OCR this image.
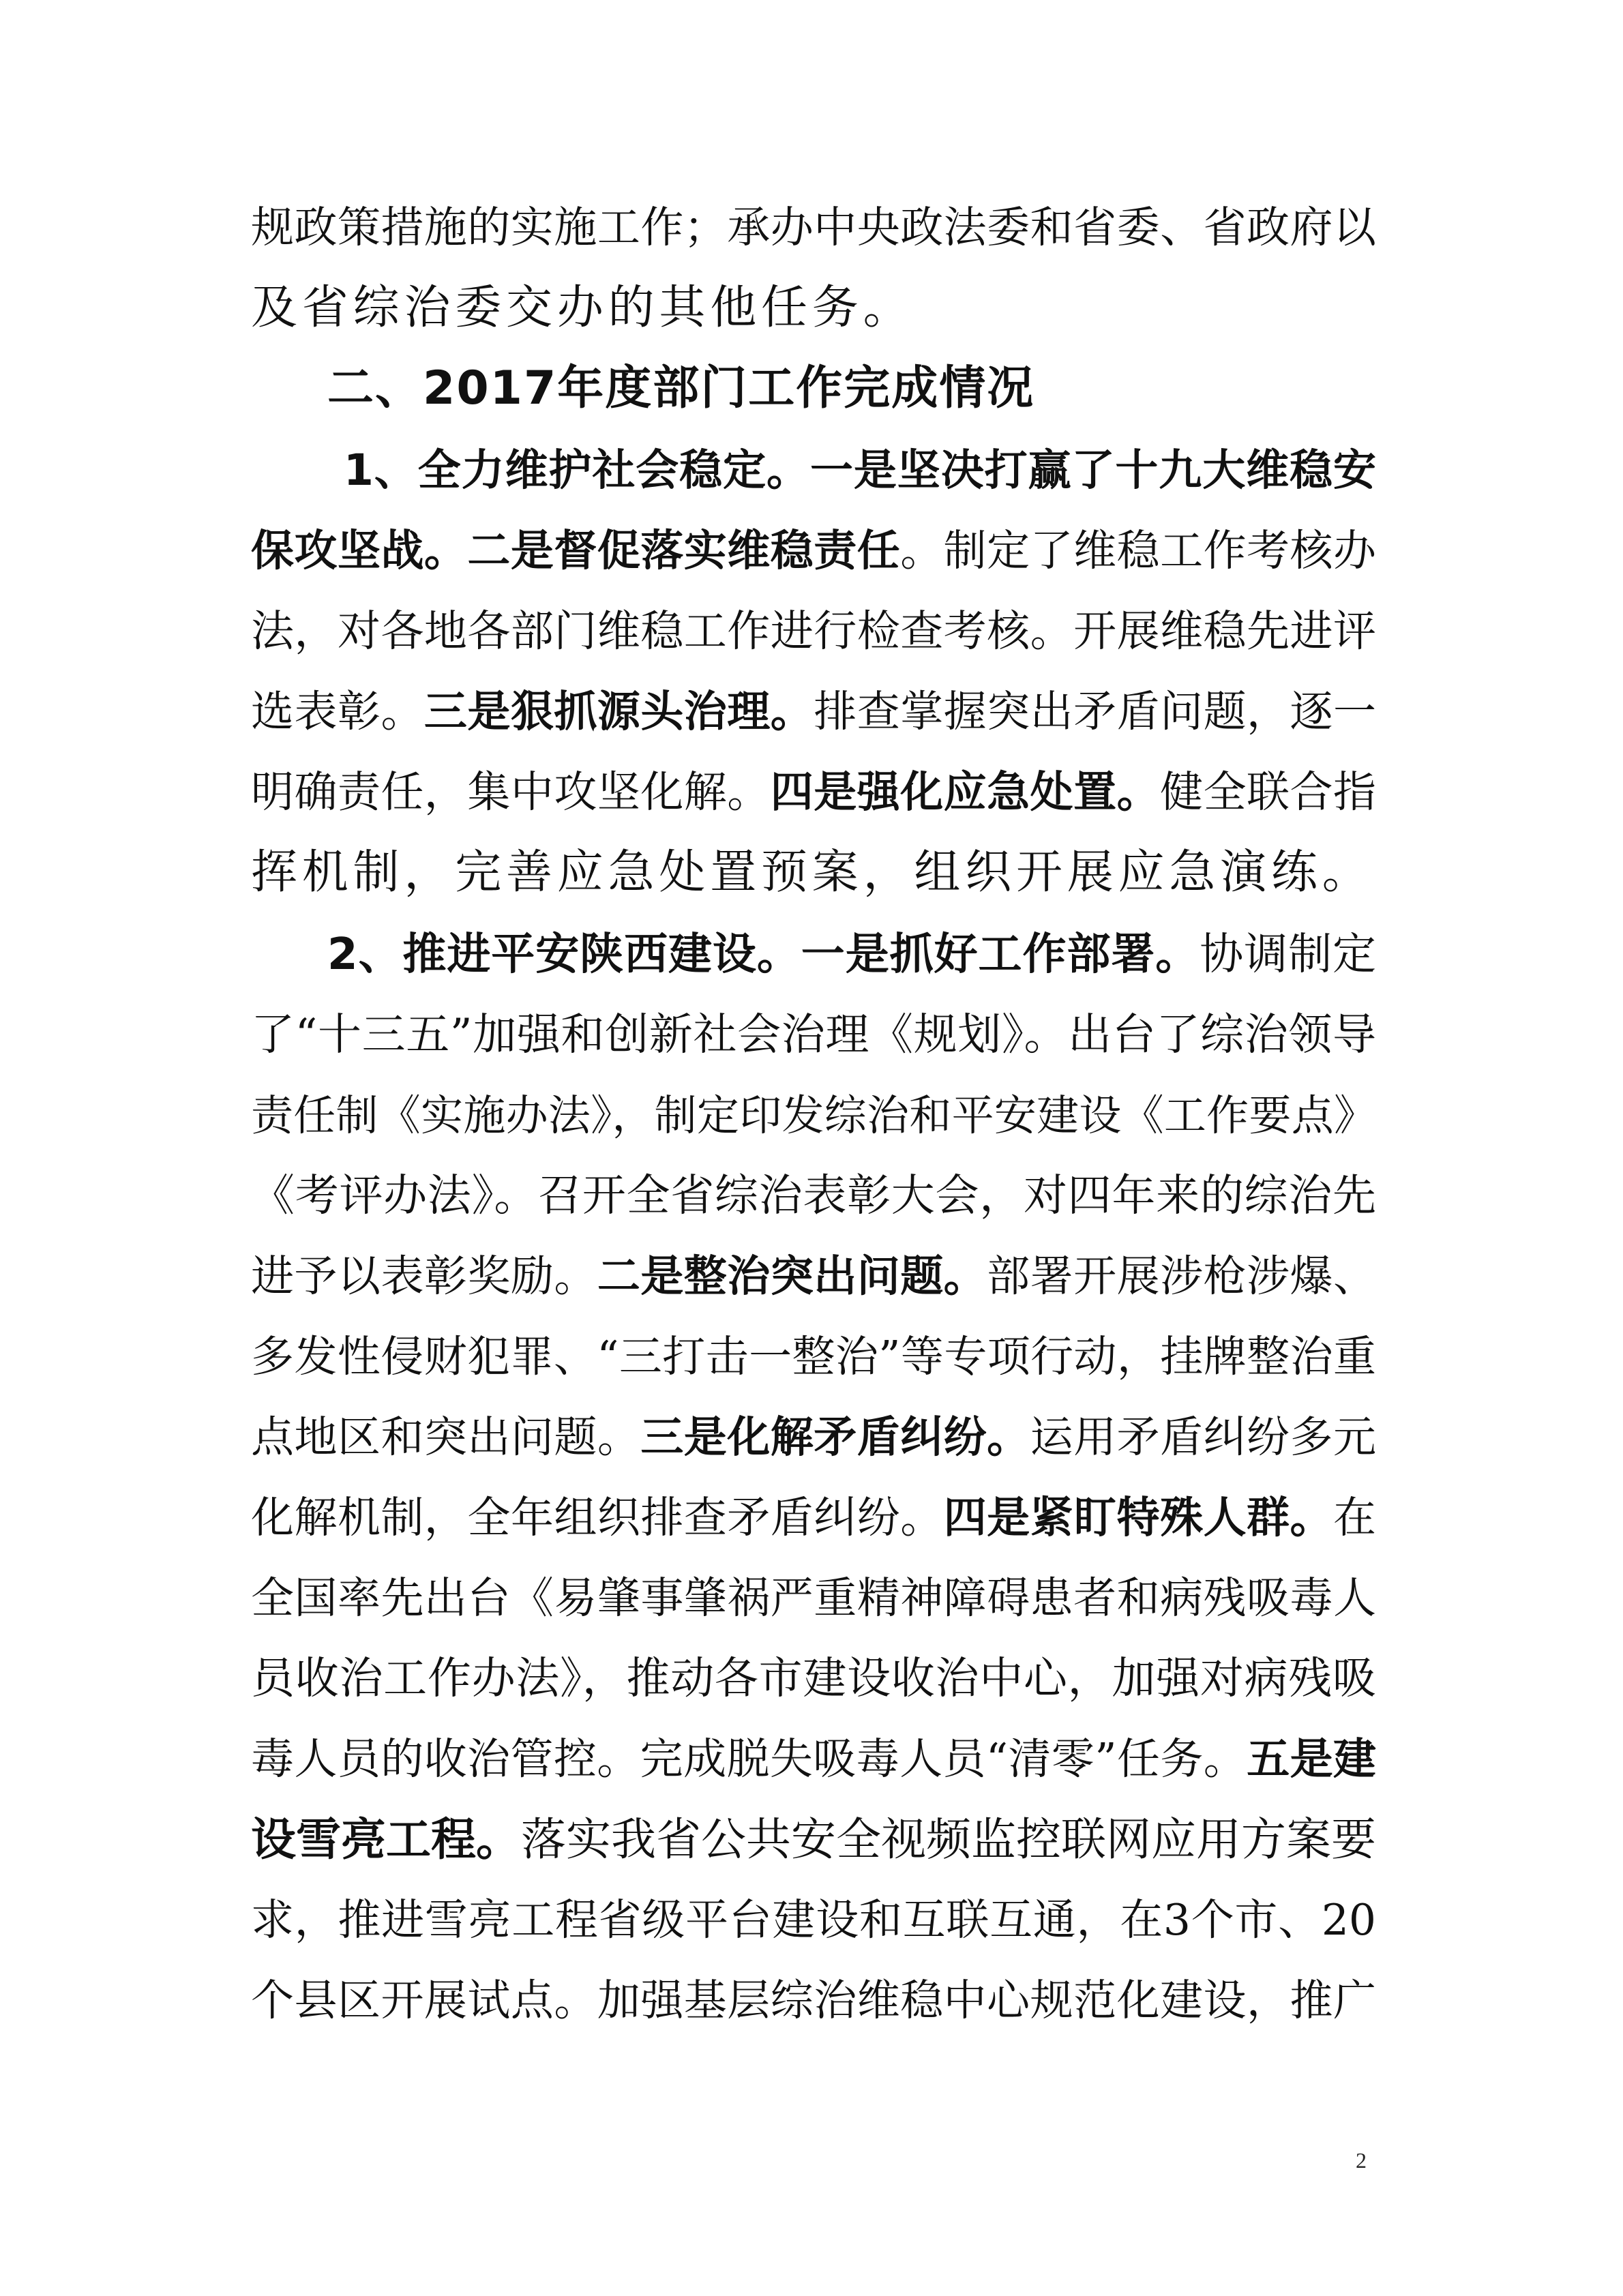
规政策措施的实施工作；承办中央政法委和省委、省政府以
及省综治委交办的其他任务。
二、2017年度部门工作完成情况
1、全力维护社会稳定。一是坚决打赢了十九大维稳安
保攻坚战。二是督促落实维稳责任。制定了维稳工作考核办
法，对各地各部门维稳工作进行检查考核。开展维稳先进评
选表彰。三是狠抓源头治理。排查掌握突出矛盾问题，逐一
明确责任，集中攻坚化解。四是强化应急处置。健全联合指
挥机制，完善应急处置预案，组织开展应急演练。
2、推进平安陕西建设。一是抓好工作部署。协调制定
了“十三五”加强和创新社会治理《规划》。出台了综治领导
责任制《实施办法》，制定印发综治和平安建设《工作要点》
《考评办法》。召开全省综治表彰大会，对四年来的综治先
进予以表彰奖励。二是整治突出问题。部署开展涉枪涉爆、
多发性侵财犯罪、“三打击一整治”等专项行动，挂牌整治重
点地区和突出问题。三是化解矛盾纠纷。运用矛盾纠纷多元
化解机制，全年组织排查矛盾纠纷。四是紧盯特殊人群。在
全国率先出台《易肇事肇祸严重精神障碍患者和病残吸毒人
员收治工作办法》，推动各市建设收治中心，加强对病残吸
毒人员的收治管控。完成脱失吸毒人员“清零”任务。五是建
设雪亮工程。落实我省公共安全视频监控联网应用方案要
求，推进雪亮工程省级平台建设和互联互通，在3个市、20
个县区开展试点。加强基层综治维稳中心规范化建设，推广
2
